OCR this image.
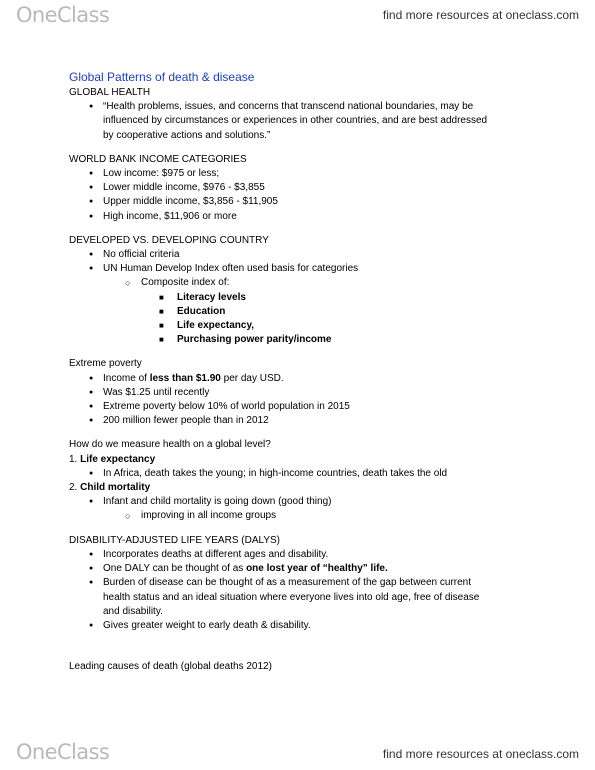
OneClass	find more resources at oneclass.com
Global Patterns of death & disease
GLOBAL HEALTH
● “Health problems, issues, and concerns that transcend national boundaries, may be
influenced by circumstances or experiences in other countries, and are best addressed
by cooperative actions and solutions.”
WORLD BANK INCOME CATEGORIES
● Low income: $975 or less;
● Lower middle income, $976 - $3,855
● Upper middle income, $3,856 - $11,905
● High income, $11,906 or more
DEVELOPED VS. DEVELOPING COUNTRY
● No official criteria
● UN Human Develop Index often used basis for categories
○ Composite index of:
■ Literacy levels
■ Education
■ Life expectancy,
■ Purchasing power parity/income
Extreme poverty
● Income of less than $1.90 per day USD.
● Was $1.25 until recently
● Extreme poverty below 10% of world population in 2015
● 200 million fewer people than in 2012
How do we measure health on a global level?
1. Life expectancy
● In Africa, death takes the young; in high-income countries, death takes the old
2. Child mortality
● Infant and child mortality is going down (good thing)
○ improving in all income groups
DISABILITY-ADJUSTED LIFE YEARS (DALYS)
● Incorporates deaths at different ages and disability.
● One DALY can be thought of as one lost year of “healthy” life.
● Burden of disease can be thought of as a measurement of the gap between current
health status and an ideal situation where everyone lives into old age, free of disease
and disability.
● Gives greater weight to early death & disability.
Leading causes of death (global deaths 2012)
OneClass	find more resources at oneclass.com
